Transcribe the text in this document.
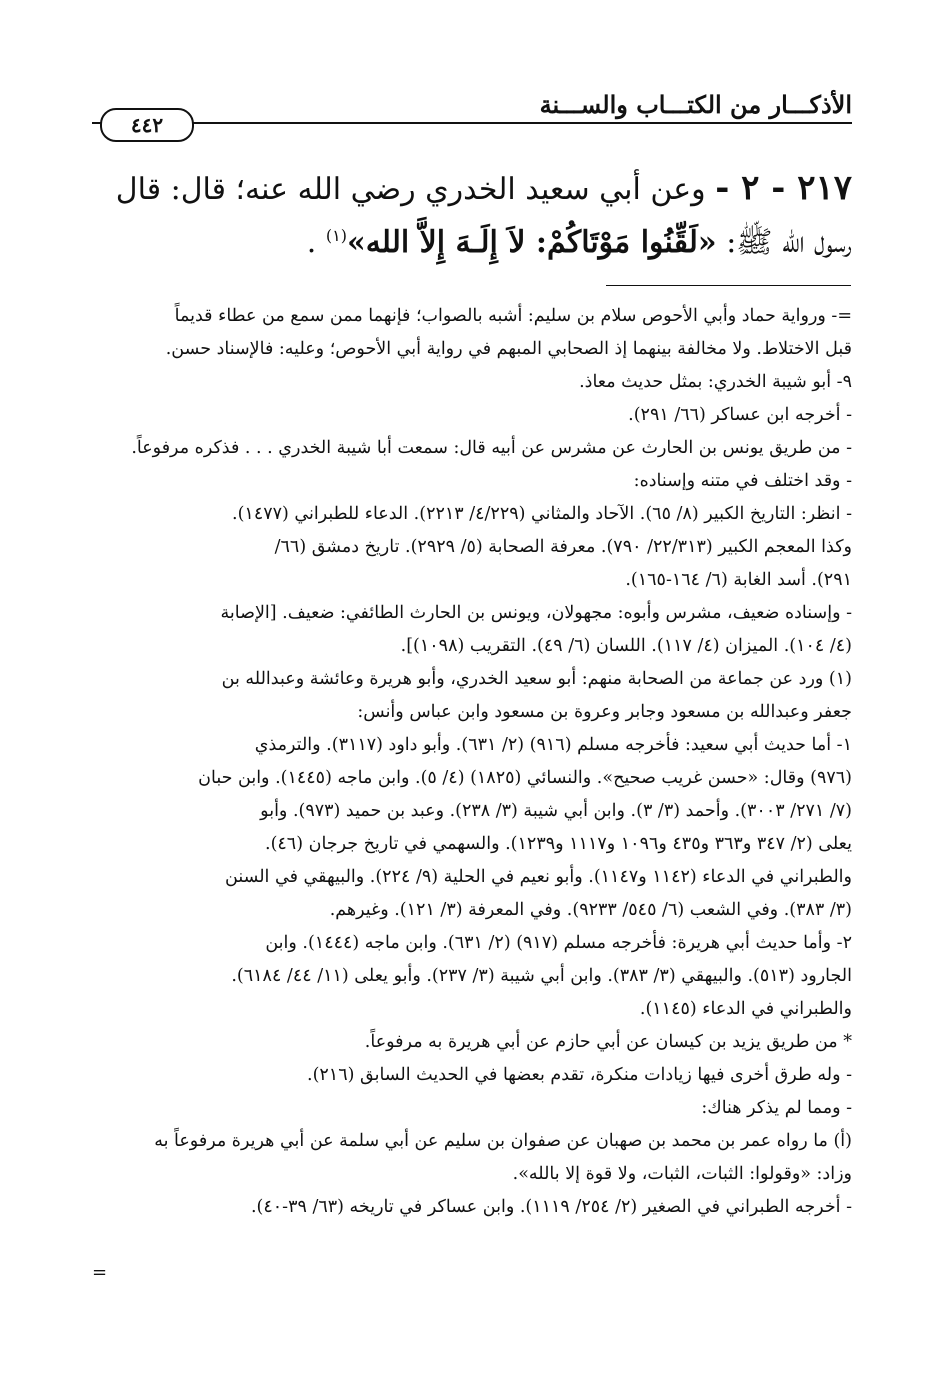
الأذكـــار من الكتـــاب والســـنة
٤٤٢
٢١٧ - ٢ - وعن أبي سعيد الخدري رضي الله عنه؛ قال: قال
رسول الله ﷺ: «لَقِّنُوا مَوْتَاكُمْ: لاَ إِلَـهَ إِلاَّ الله»$^{(١)}$ .
=- ورواية حماد وأبي الأحوص سلام بن سليم: أشبه بالصواب؛ فإنهما ممن سمع من عطاء قديماً
قبل الاختلاط. ولا مخالفة بينهما إذ الصحابي المبهم في رواية أبي الأحوص؛ وعليه: فالإسناد حسن.
٩- أبو شيبة الخدري: بمثل حديث معاذ.
- أخرجه ابن عساكر (٦٦/ ٢٩١).
- من طريق يونس بن الحارث عن مشرس عن أبيه قال: سمعت أبا شيبة الخدري . . . فذكره مرفوعاً.
- وقد اختلف في متنه وإسناده:
- انظر: التاريخ الكبير (٨/ ٦٥). الآحاد والمثاني (٤/٢٢٩/ ٢٢١٣). الدعاء للطبراني (١٤٧٧).
وكذا المعجم الكبير (٢٢/٣١٣/ ٧٩٠). معرفة الصحابة (٥/ ٢٩٢٩). تاريخ دمشق (٦٦/
٢٩١). أسد الغابة (٦/ ١٦٤-١٦٥).
- وإسناده ضعيف، مشرس وأبوه: مجهولان، ويونس بن الحارث الطائفي: ضعيف. [الإصابة
(٤/ ١٠٤). الميزان (٤/ ١١٧). اللسان (٦/ ٤٩). التقريب (١٠٩٨)].
(١) ورد عن جماعة من الصحابة منهم: أبو سعيد الخدري، وأبو هريرة وعائشة وعبدالله بن
جعفر وعبدالله بن مسعود وجابر وعروة بن مسعود وابن عباس وأنس:
١- أما حديث أبي سعيد: فأخرجه مسلم (٩١٦) (٢/ ٦٣١). وأبو داود (٣١١٧). والترمذي
(٩٧٦) وقال: «حسن غريب صحيح». والنسائي (١٨٢٥) (٤/ ٥). وابن ماجه (١٤٤٥). وابن حبان
(٧/ ٢٧١/ ٣٠٠٣). وأحمد (٣/ ٣). وابن أبي شيبة (٣/ ٢٣٨). وعبد بن حميد (٩٧٣). وأبو
يعلى (٢/ ٣٤٧ و٣٦٣ و٤٣٥ و١٠٩٦ و١١١٧ و١٢٣٩). والسهمي في تاريخ جرجان (٤٦).
والطبراني في الدعاء (١١٤٢ و١١٤٧). وأبو نعيم في الحلية (٩/ ٢٢٤). والبيهقي في السنن
(٣/ ٣٨٣). وفي الشعب (٦/ ٥٤٥/ ٩٢٣٣). وفي المعرفة (٣/ ١٢١). وغيرهم.
٢- وأما حديث أبي هريرة: فأخرجه مسلم (٩١٧) (٢/ ٦٣١). وابن ماجه (١٤٤٤). وابن
الجارود (٥١٣). والبيهقي (٣/ ٣٨٣). وابن أبي شيبة (٣/ ٢٣٧). وأبو يعلى (١١/ ٤٤/ ٦١٨٤).
والطبراني في الدعاء (١١٤٥).
* من طريق يزيد بن كيسان عن أبي حازم عن أبي هريرة به مرفوعاً.
- وله طرق أخرى فيها زيادات منكرة، تقدم بعضها في الحديث السابق (٢١٦).
- ومما لم يذكر هناك:
(أ) ما رواه عمر بن محمد بن صهبان عن صفوان بن سليم عن أبي سلمة عن أبي هريرة مرفوعاً به
وزاد: «وقولوا: الثبات، الثبات، ولا قوة إلا بالله».
- أخرجه الطبراني في الصغير (٢/ ٢٥٤/ ١١١٩). وابن عساكر في تاريخه (٦٣/ ٣٩-٤٠).
=
